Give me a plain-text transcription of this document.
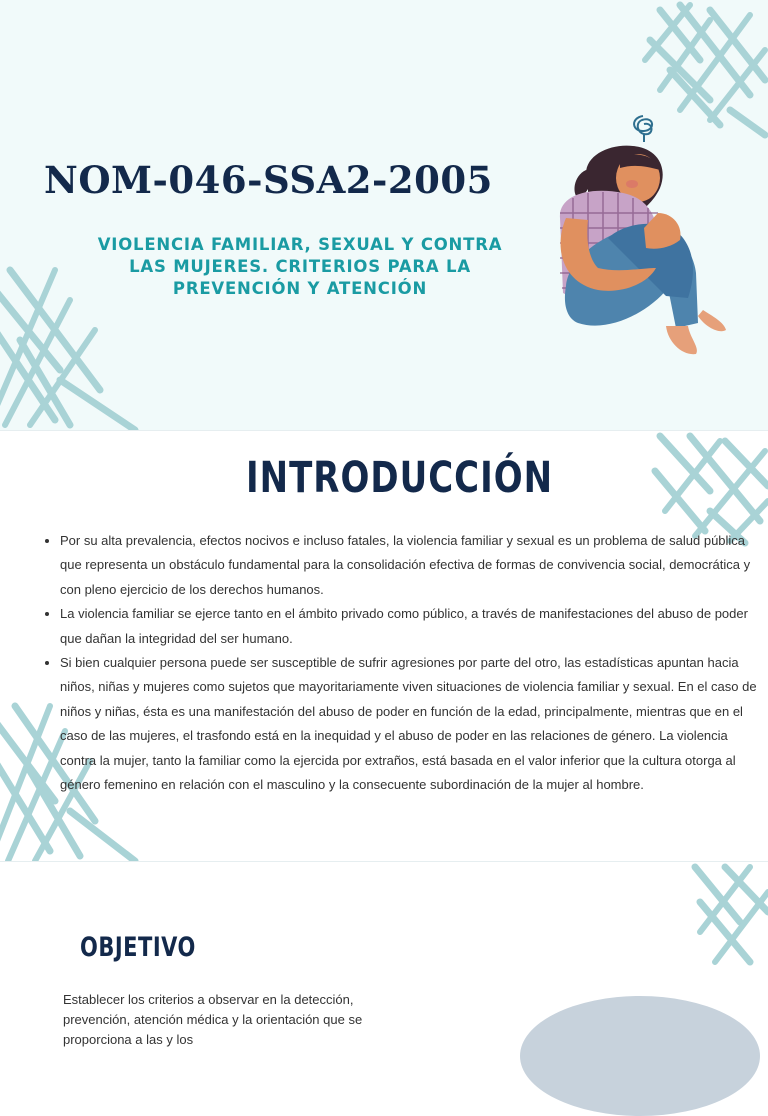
NOM-046-SSA2-2005

VIOLENCIA FAMILIAR, SEXUAL Y CONTRA LAS MUJERES. CRITERIOS PARA LA PREVENCIÓN Y ATENCIÓN

INTRODUCCIÓN
• Por su alta prevalencia, efectos nocivos e incluso fatales, la violencia familiar y sexual es un problema de salud pública que representa un obstáculo fundamental para la consolidación efectiva de formas de convivencia social, democrática y con pleno ejercicio de los derechos humanos.
• La violencia familiar se ejerce tanto en el ámbito privado como público, a través de manifestaciones del abuso de poder que dañan la integridad del ser humano.
• Si bien cualquier persona puede ser susceptible de sufrir agresiones por parte del otro, las estadísticas apuntan hacia niños, niñas y mujeres como sujetos que mayoritariamente viven situaciones de violencia familiar y sexual. En el caso de niños y niñas, ésta es una manifestación del abuso de poder en función de la edad, principalmente, mientras que en el caso de las mujeres, el trasfondo está en la inequidad y el abuso de poder en las relaciones de género. La violencia contra la mujer, tanto la familiar como la ejercida por extraños, está basada en el valor inferior que la cultura otorga al género femenino en relación con el masculino y la consecuente subordinación de la mujer al hombre.
OBJETIVO

Establecer los criterios a observar en la detección, prevención, atención médica y la orientación que se proporciona a las y los
